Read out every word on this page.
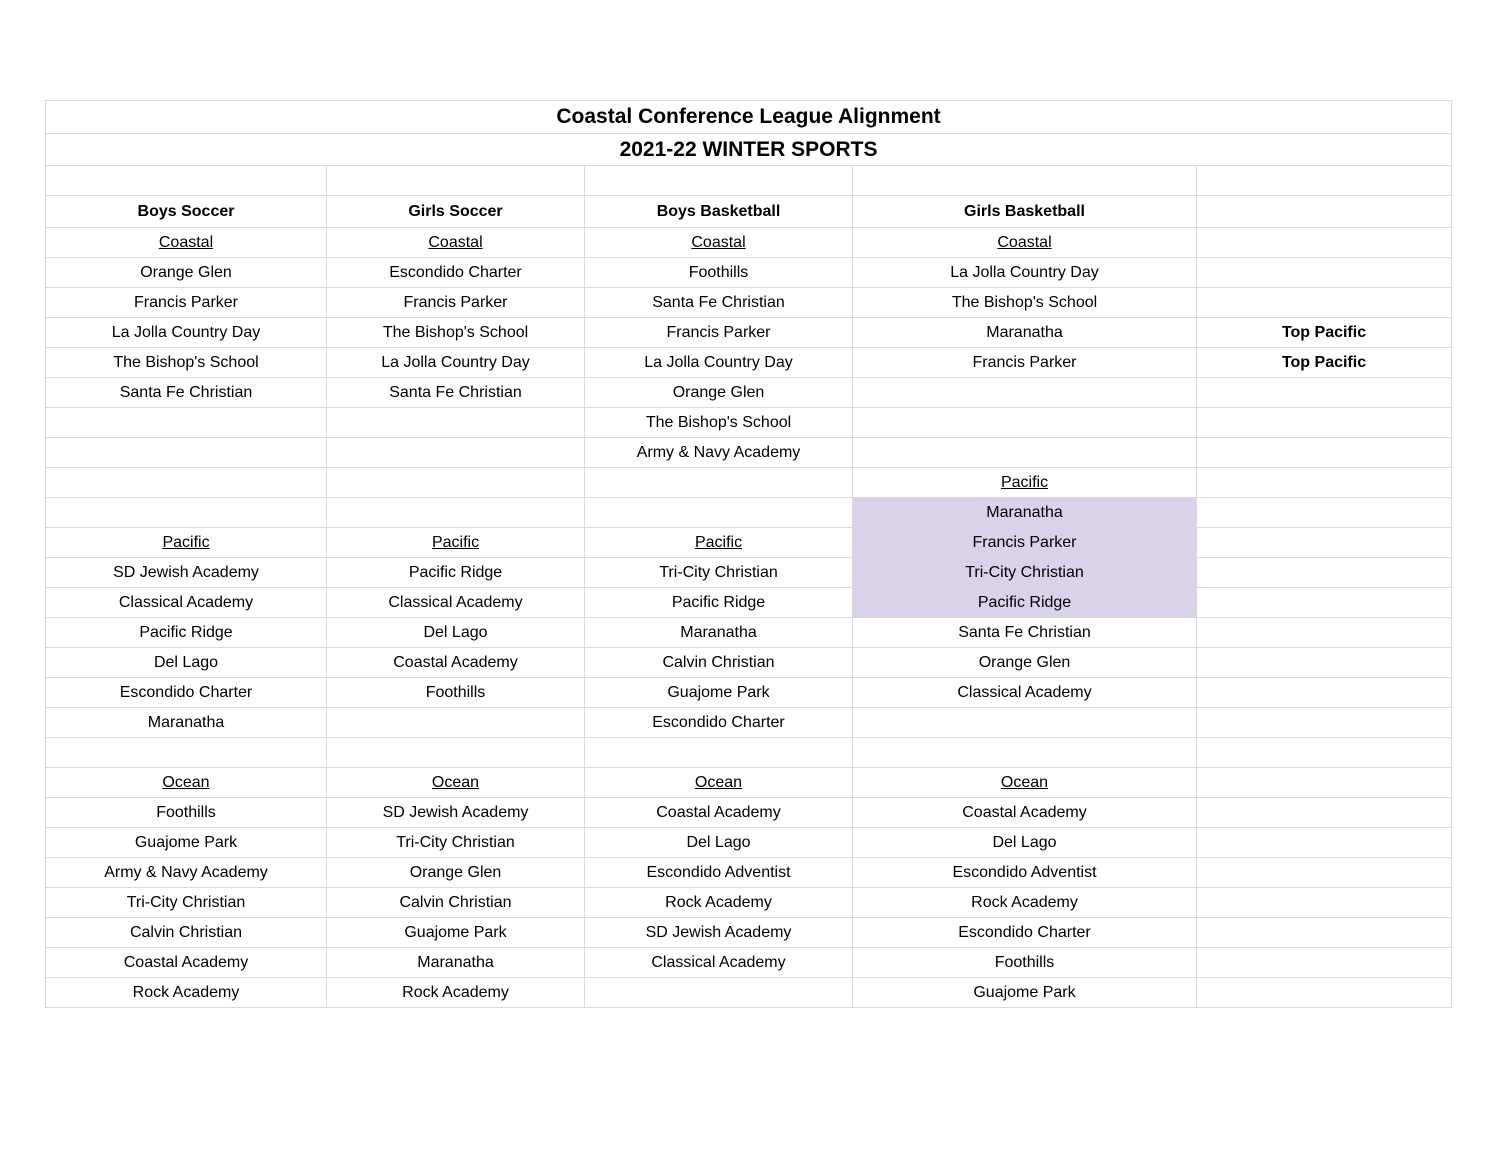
Coastal Conference League Alignment				
2021-22 WINTER SPORTS				

Boys Soccer	Girls Soccer	Boys Basketball	Girls Basketball	
Coastal	Coastal	Coastal	Coastal	
Orange Glen	Escondido Charter	Foothills	La Jolla Country Day	
Francis Parker	Francis Parker	Santa Fe Christian	The Bishop's School	
La Jolla Country Day	The Bishop's School	Francis Parker	Maranatha	Top Pacific
The Bishop's School	La Jolla Country Day	La Jolla Country Day	Francis Parker	Top Pacific
Santa Fe Christian	Santa Fe Christian	Orange Glen		
		The Bishop's School		
		Army & Navy Academy		
			Pacific	
			Maranatha	
Pacific	Pacific	Pacific	Francis Parker	
SD Jewish Academy	Pacific Ridge	Tri-City Christian	Tri-City Christian	
Classical Academy	Classical Academy	Pacific Ridge	Pacific Ridge	
Pacific Ridge	Del Lago	Maranatha	Santa Fe Christian	
Del Lago	Coastal Academy	Calvin Christian	Orange Glen	
Escondido Charter	Foothills	Guajome Park	Classical Academy	
Maranatha		Escondido Charter		

Ocean	Ocean	Ocean	Ocean	
Foothills	SD Jewish Academy	Coastal Academy	Coastal Academy	
Guajome Park	Tri-City Christian	Del Lago	Del Lago	
Army & Navy Academy	Orange Glen	Escondido Adventist	Escondido Adventist	
Tri-City Christian	Calvin Christian	Rock Academy	Rock Academy	
Calvin Christian	Guajome Park	SD Jewish Academy	Escondido Charter	
Coastal Academy	Maranatha	Classical Academy	Foothills	
Rock Academy	Rock Academy		Guajome Park	
